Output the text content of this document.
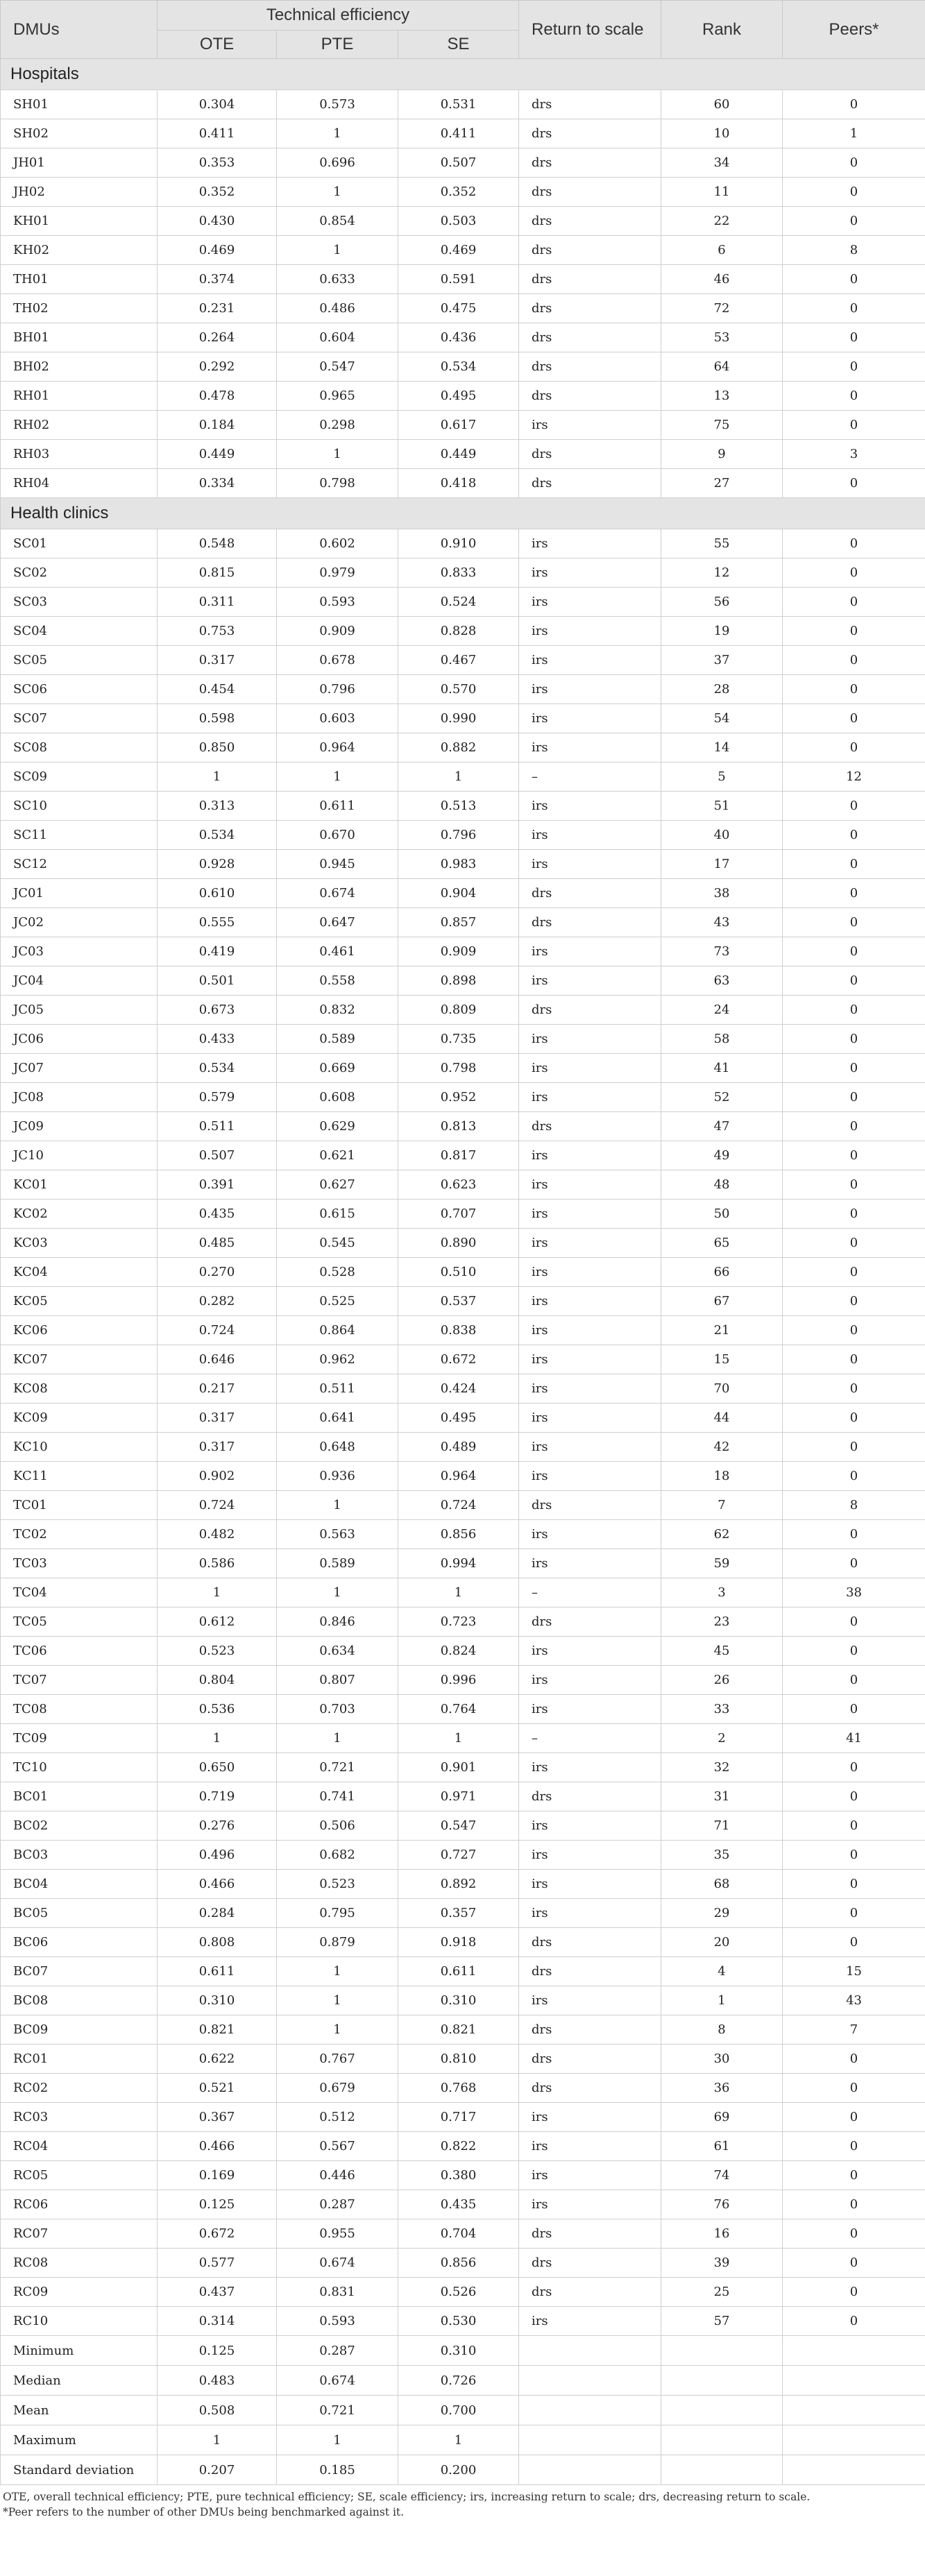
DMUs	Technical efficiency			Return to scale	Rank	Peers*
	OTE	PTE	SE			
Hospitals						
SH01	0.304	0.573	0.531	drs	60	0
SH02	0.411	1	0.411	drs	10	1
JH01	0.353	0.696	0.507	drs	34	0
JH02	0.352	1	0.352	drs	11	0
KH01	0.430	0.854	0.503	drs	22	0
KH02	0.469	1	0.469	drs	6	8
TH01	0.374	0.633	0.591	drs	46	0
TH02	0.231	0.486	0.475	drs	72	0
BH01	0.264	0.604	0.436	drs	53	0
BH02	0.292	0.547	0.534	drs	64	0
RH01	0.478	0.965	0.495	drs	13	0
RH02	0.184	0.298	0.617	irs	75	0
RH03	0.449	1	0.449	drs	9	3
RH04	0.334	0.798	0.418	drs	27	0
Health clinics						
SC01	0.548	0.602	0.910	irs	55	0
SC02	0.815	0.979	0.833	irs	12	0
SC03	0.311	0.593	0.524	irs	56	0
SC04	0.753	0.909	0.828	irs	19	0
SC05	0.317	0.678	0.467	irs	37	0
SC06	0.454	0.796	0.570	irs	28	0
SC07	0.598	0.603	0.990	irs	54	0
SC08	0.850	0.964	0.882	irs	14	0
SC09	1	1	1	–	5	12
SC10	0.313	0.611	0.513	irs	51	0
SC11	0.534	0.670	0.796	irs	40	0
SC12	0.928	0.945	0.983	irs	17	0
JC01	0.610	0.674	0.904	drs	38	0
JC02	0.555	0.647	0.857	drs	43	0
JC03	0.419	0.461	0.909	irs	73	0
JC04	0.501	0.558	0.898	irs	63	0
JC05	0.673	0.832	0.809	drs	24	0
JC06	0.433	0.589	0.735	irs	58	0
JC07	0.534	0.669	0.798	irs	41	0
JC08	0.579	0.608	0.952	irs	52	0
JC09	0.511	0.629	0.813	drs	47	0
JC10	0.507	0.621	0.817	irs	49	0
KC01	0.391	0.627	0.623	irs	48	0
KC02	0.435	0.615	0.707	irs	50	0
KC03	0.485	0.545	0.890	irs	65	0
KC04	0.270	0.528	0.510	irs	66	0
KC05	0.282	0.525	0.537	irs	67	0
KC06	0.724	0.864	0.838	irs	21	0
KC07	0.646	0.962	0.672	irs	15	0
KC08	0.217	0.511	0.424	irs	70	0
KC09	0.317	0.641	0.495	irs	44	0
KC10	0.317	0.648	0.489	irs	42	0
KC11	0.902	0.936	0.964	irs	18	0
TC01	0.724	1	0.724	drs	7	8
TC02	0.482	0.563	0.856	irs	62	0
TC03	0.586	0.589	0.994	irs	59	0
TC04	1	1	1	–	3	38
TC05	0.612	0.846	0.723	drs	23	0
TC06	0.523	0.634	0.824	irs	45	0
TC07	0.804	0.807	0.996	irs	26	0
TC08	0.536	0.703	0.764	irs	33	0
TC09	1	1	1	–	2	41
TC10	0.650	0.721	0.901	irs	32	0
BC01	0.719	0.741	0.971	drs	31	0
BC02	0.276	0.506	0.547	irs	71	0
BC03	0.496	0.682	0.727	irs	35	0
BC04	0.466	0.523	0.892	irs	68	0
BC05	0.284	0.795	0.357	irs	29	0
BC06	0.808	0.879	0.918	drs	20	0
BC07	0.611	1	0.611	drs	4	15
BC08	0.310	1	0.310	irs	1	43
BC09	0.821	1	0.821	drs	8	7
RC01	0.622	0.767	0.810	drs	30	0
RC02	0.521	0.679	0.768	drs	36	0
RC03	0.367	0.512	0.717	irs	69	0
RC04	0.466	0.567	0.822	irs	61	0
RC05	0.169	0.446	0.380	irs	74	0
RC06	0.125	0.287	0.435	irs	76	0
RC07	0.672	0.955	0.704	drs	16	0
RC08	0.577	0.674	0.856	drs	39	0
RC09	0.437	0.831	0.526	drs	25	0
RC10	0.314	0.593	0.530	irs	57	0
Minimum	0.125	0.287	0.310			
Median	0.483	0.674	0.726			
Mean	0.508	0.721	0.700			
Maximum	1	1	1			
Standard deviation	0.207	0.185	0.200			
OTE, overall technical efficiency; PTE, pure technical efficiency; SE, scale efficiency; irs, increasing return to scale; drs, decreasing return to scale.
*Peer refers to the number of other DMUs being benchmarked against it.
